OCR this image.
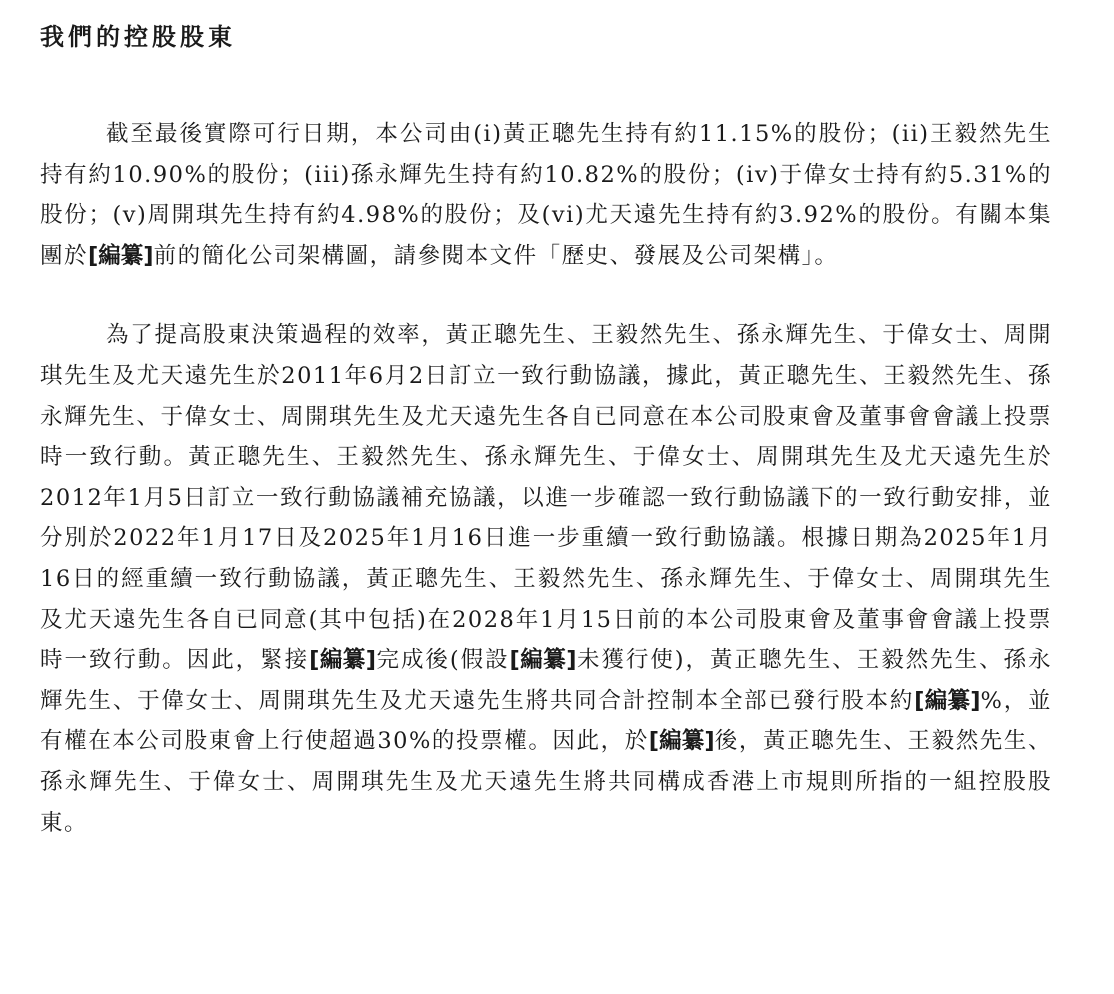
我們的控股股東

截至最後實際可行日期，本公司由(i)黃正聰先生持有約11.15%的股份；(ii)王毅然先生持有約10.90%的股份；(iii)孫永輝先生持有約10.82%的股份；(iv)于偉女士持有約5.31%的股份；(v)周開琪先生持有約4.98%的股份；及(vi)尤天遠先生持有約3.92%的股份。有關本集團於[編纂]前的簡化公司架構圖，請參閱本文件「歷史、發展及公司架構」。

為了提高股東決策過程的效率，黃正聰先生、王毅然先生、孫永輝先生、于偉女士、周開琪先生及尤天遠先生於2011年6月2日訂立一致行動協議，據此，黃正聰先生、王毅然先生、孫永輝先生、于偉女士、周開琪先生及尤天遠先生各自已同意在本公司股東會及董事會會議上投票時一致行動。黃正聰先生、王毅然先生、孫永輝先生、于偉女士、周開琪先生及尤天遠先生於2012年1月5日訂立一致行動協議補充協議，以進一步確認一致行動協議下的一致行動安排，並分別於2022年1月17日及2025年1月16日進一步重續一致行動協議。根據日期為2025年1月16日的經重續一致行動協議，黃正聰先生、王毅然先生、孫永輝先生、于偉女士、周開琪先生及尤天遠先生各自已同意(其中包括)在2028年1月15日前的本公司股東會及董事會會議上投票時一致行動。因此，緊接[編纂]完成後(假設[編纂]未獲行使)，黃正聰先生、王毅然先生、孫永輝先生、于偉女士、周開琪先生及尤天遠先生將共同合計控制本全部已發行股本約[編纂]%，並有權在本公司股東會上行使超過30%的投票權。因此，於[編纂]後，黃正聰先生、王毅然先生、孫永輝先生、于偉女士、周開琪先生及尤天遠先生將共同構成香港上市規則所指的一組控股股東。
